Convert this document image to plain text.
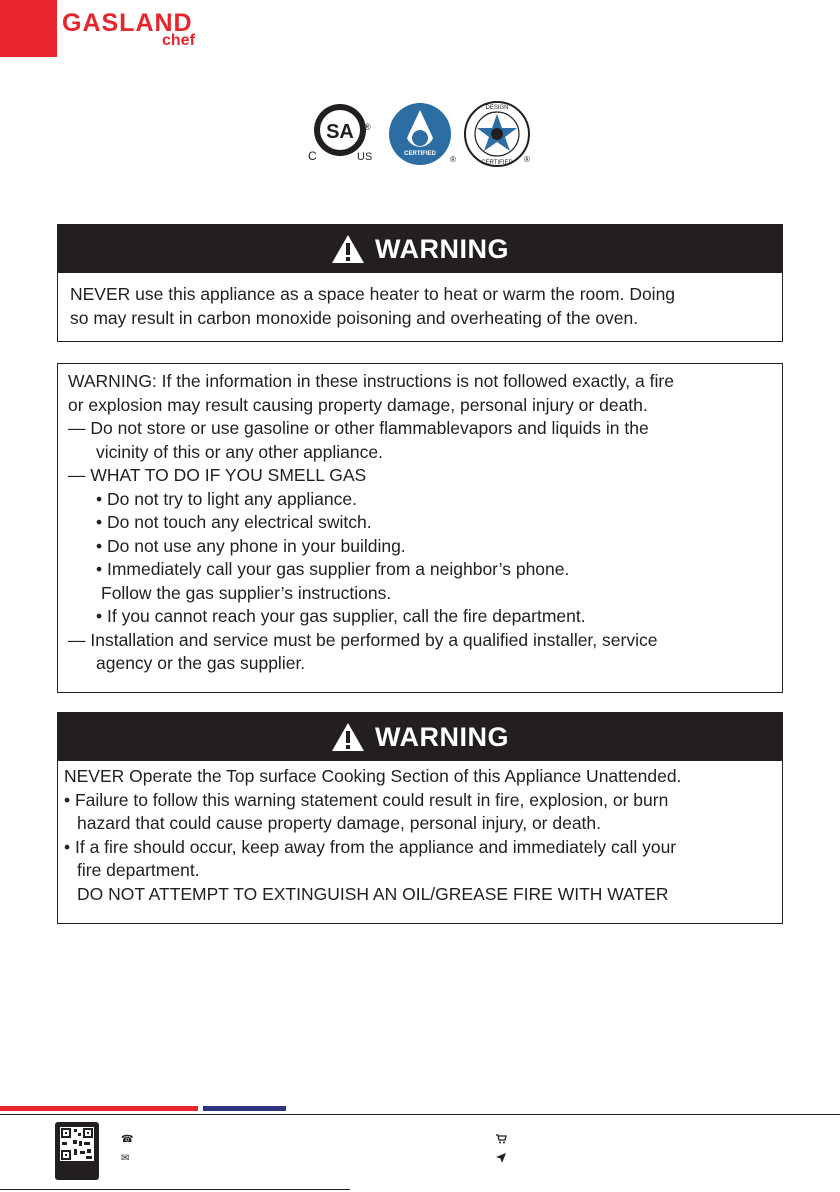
GASLAND
chef
SA
C	US
®
CERTIFIED
®
DESIGN
CERTIFIED ®
WARNING
NEVER use this appliance as a space heater to heat or warm the room. Doing
so may result in carbon monoxide poisoning and overheating of the oven.
WARNING: If the information in these instructions is not followed exactly, a fire
or explosion may result causing property damage, personal injury or death.
— Do not store or use gasoline or other flammablevapors and liquids in the
vicinity of this or any other appliance.
— WHAT TO DO IF YOU SMELL GAS
• Do not try to light any appliance.
• Do not touch any electrical switch.
• Do not use any phone in your building.
• Immediately call your gas supplier from a neighbor’s phone.
Follow the gas supplier’s instructions.
• If you cannot reach your gas supplier, call the fire department.
— Installation and service must be performed by a qualified installer, service
agency or the gas supplier.
WARNING
NEVER Operate the Top surface Cooking Section of this Appliance Unattended.
• Failure to follow this warning statement could result in fire, explosion, or burn
hazard that could cause property damage, personal injury, or death.
• If a fire should occur, keep away from the appliance and immediately call your
fire department.
DO NOT ATTEMPT TO EXTINGUISH AN OIL/GREASE FIRE WITH WATER
☎
✉
